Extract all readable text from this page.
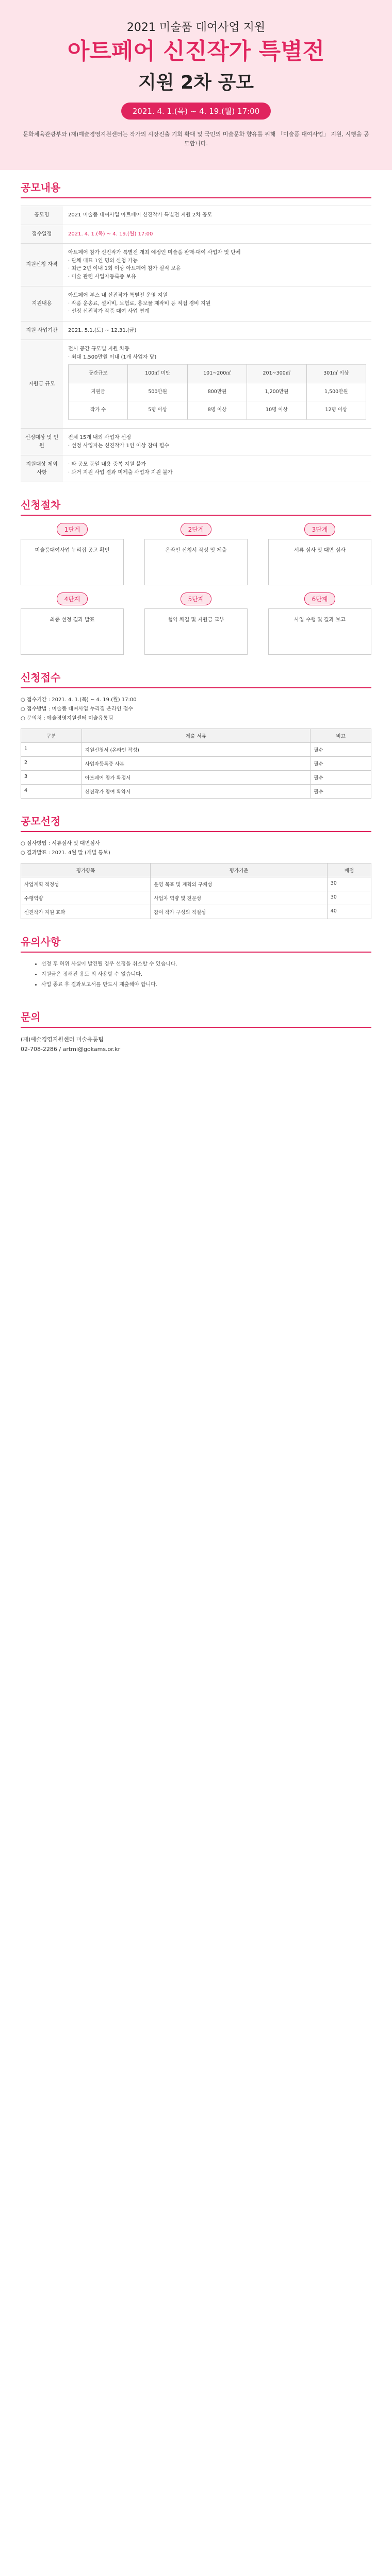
2021 미술품 대여사업 지원
아트페어 신진작가 특별전
지원 2차 공모
2021. 4. 1.(목) ~ 4. 19.(월) 17:00
문화체육관광부와 (재)예술경영지원센터는 작가의 시장진출 기회 확대 및 국민의 미술문화 향유를 위해 「미술품 대여사업」 지원, 시행을 공모합니다.
공모내용
공모명	2021 미술품 대여사업 아트페어 신진작가 특별전 지원 2차 공모
접수일정	2021. 4. 1.(목) ~ 4. 19.(월) 17:00
지원신청 자격	아트페어 참가 신진작가 특별전 개최 예정인 미술품 판매·대여 사업자 및 단체
· 단체 대표 1인 명의 신청 가능
· 최근 2년 이내 1회 이상 아트페어 참가 실적 보유
· 미술 관련 사업자등록증 보유
지원내용	아트페어 부스 내 신진작가 특별전 운영 지원
· 작품 운송료, 설치비, 보험료, 홍보물 제작비 등 직접 경비 지원
· 선정 신진작가 작품 대여 사업 연계
지원 사업기간	2021. 5.1.(토) ~ 12.31.(금)
지원금 규모	
전시 공간 규모별 지원 차등
· 최대 1,500만원 이내 (1개 사업자 당)
공간규모	100㎡ 미만	101~200㎡	201~300㎡	301㎡ 이상
지원금	500만원	800만원	1,200만원	1,500만원
작가 수	5명 이상	8명 이상	10명 이상	12명 이상

선정대상 및 인원	전체 15개 내외 사업자 선정
· 선정 사업자는 신진작가 1인 이상 참여 필수
지원대상 제외사항	· 타 공모 동일 내용 중복 지원 불가
· 과거 지원 사업 결과 미제출 사업자 지원 불가
신청절차
1단계
미술품대여사업 누리집 공고 확인
2단계
온라인 신청서 작성 및 제출
3단계
서류 심사 및 대면 심사
4단계
최종 선정 결과 발표
5단계
협약 체결 및 지원금 교부
6단계
사업 수행 및 결과 보고
신청접수
○ 접수기간 : 2021. 4. 1.(목) ~ 4. 19.(월) 17:00
○ 접수방법 : 미술품 대여사업 누리집 온라인 접수
○ 문의처 : 예술경영지원센터 미술유통팀
구분	제출 서류	비고
1	지원신청서 (온라인 작성)	필수
2	사업자등록증 사본	필수
3	아트페어 참가 확정서	필수
4	신진작가 참여 확약서	필수
공모선정
○ 심사방법 : 서류심사 및 대면심사
○ 결과발표 : 2021. 4월 말 (개별 통보)
평가항목	평가기준	배점
사업계획 적정성	운영 목표 및 계획의 구체성	30
수행역량	사업자 역량 및 전문성	30
신진작가 지원 효과	참여 작가 구성의 적절성	40
유의사항
• 선정 후 허위 사실이 발견될 경우 선정을 취소할 수 있습니다.
• 지원금은 정해진 용도 외 사용할 수 없습니다.
• 사업 종료 후 결과보고서를 반드시 제출해야 합니다.
문의
(재)예술경영지원센터 미술유통팀
02-708-2286 / artmi@gokams.or.kr
